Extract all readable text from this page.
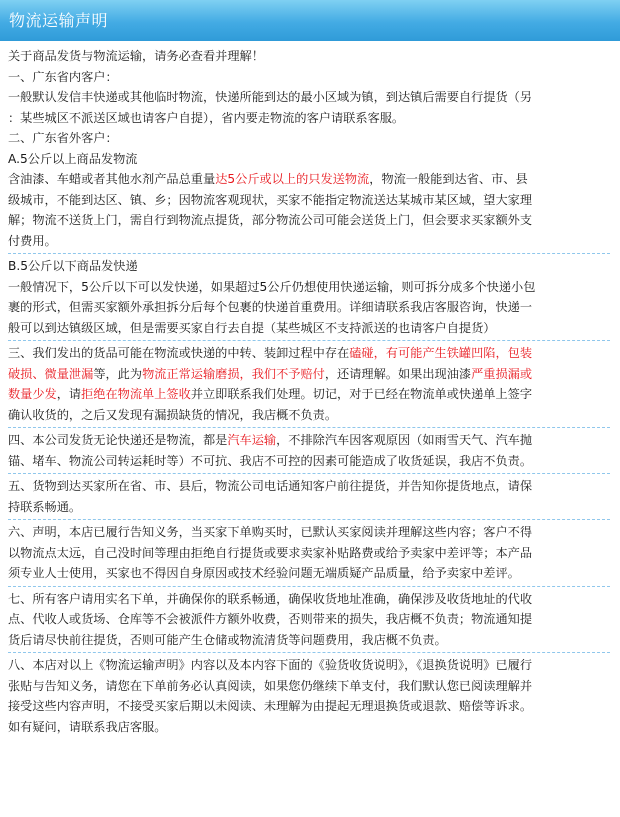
物流运输声明
关于商品发货与物流运输，请务必查看并理解！
一、广东省内客户：
一般默认发信丰快递或其他临时物流，快递所能到达的最小区域为镇，到达镇后需要自行提货（另
：某些城区不派送区域也请客户自提），省内要走物流的客户请联系客服。
二、广东省外客户：
A.5公斤以上商品发物流
含油漆、车蜡或者其他水剂产品总重量达5公斤或以上的只发送物流，物流一般能到达省、市、县
级城市，不能到达区、镇、乡；因物流客观现状，买家不能指定物流送达某城市某区域，望大家理
解；物流不送货上门，需自行到物流点提货，部分物流公司可能会送货上门，但会要求买家额外支
付费用。
B.5公斤以下商品发快递
一般情况下，5公斤以下可以发快递，如果超过5公斤仍想使用快递运输，则可拆分成多个快递小包
裹的形式，但需买家额外承担拆分后每个包裹的快递首重费用。详细请联系我店客服咨询，快递一
般可以到达镇级区域，但是需要买家自行去自提（某些城区不支持派送的也请客户自提货）
三、我们发出的货品可能在物流或快递的中转、装卸过程中存在磕碰，有可能产生铁罐凹陷，包装
破损、微量泄漏等，此为物流正常运输磨损，我们不予赔付，还请理解。如果出现油漆严重损漏或
数量少发，请拒绝在物流单上签收并立即联系我们处理。切记，对于已经在物流单或快递单上签字
确认收货的，之后又发现有漏损缺货的情况，我店概不负责。
四、本公司发货无论快递还是物流，都是汽车运输，不排除汽车因客观原因（如雨雪天气、汽车抛
锚、堵车、物流公司转运耗时等）不可抗、我店不可控的因素可能造成了收货延误，我店不负责。
五、货物到达买家所在省、市、县后，物流公司电话通知客户前往提货，并告知你提货地点，请保
持联系畅通。
六、声明，本店已履行告知义务，当买家下单购买时，已默认买家阅读并理解这些内容；客户不得
以物流点太远，自己没时间等理由拒绝自行提货或要求卖家补贴路费或给予卖家中差评等；本产品
须专业人士使用，买家也不得因自身原因或技术经验问题无端质疑产品质量，给予卖家中差评。
七、所有客户请用实名下单，并确保你的联系畅通，确保收货地址准确，确保涉及收货地址的代收
点、代收人或货场、仓库等不会被派件方额外收费，否则带来的损失，我店概不负责；物流通知提
货后请尽快前往提货，否则可能产生仓储或物流清货等问题费用，我店概不负责。
八、本店对以上《物流运输声明》内容以及本内容下面的《验货收货说明》，《退换货说明》已履行
张贴与告知义务，请您在下单前务必认真阅读，如果您仍继续下单支付，我们默认您已阅读理解并
接受这些内容声明，不接受买家后期以未阅读、未理解为由提起无理退换货或退款、赔偿等诉求。
如有疑问，请联系我店客服。
